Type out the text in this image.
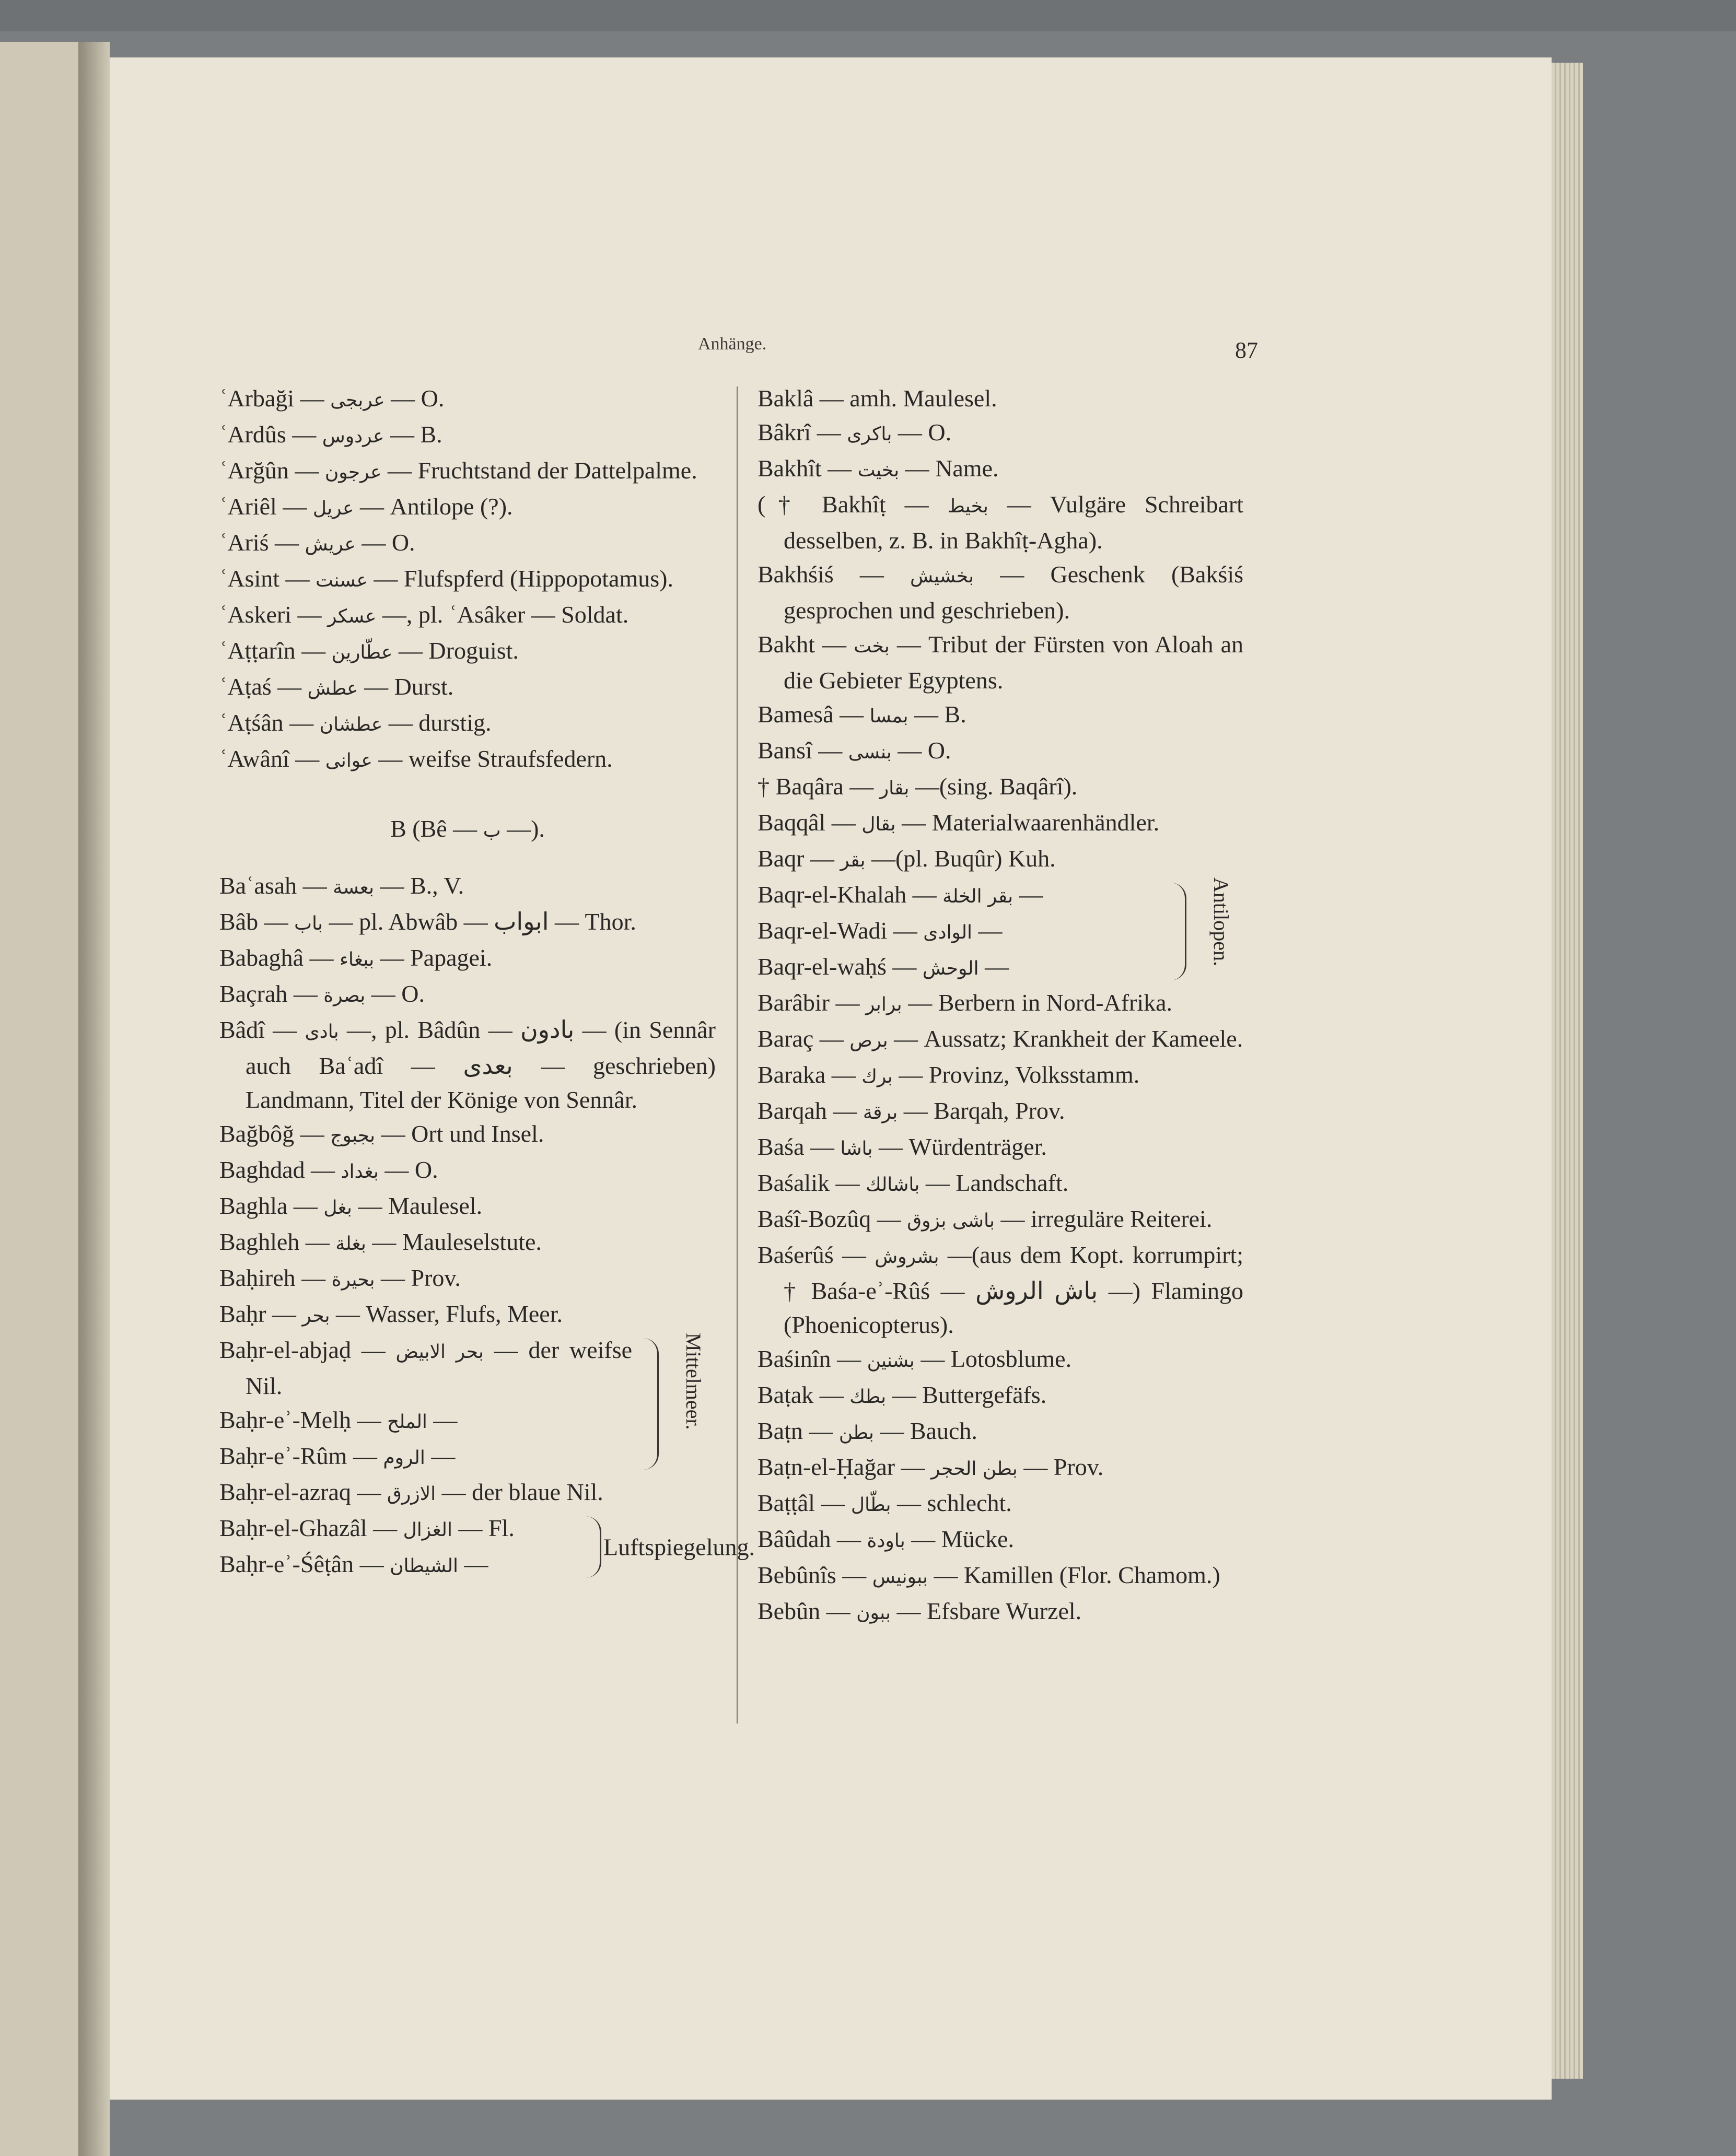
Anhänge.	87
ʿArbaği — عربجى — O.
ʿArdûs — عردوس — B.
ʿArğûn — عرجون — Fruchtstand der Dattelpalme.
ʿAriêl — عريل — Antilope (?).
ʿAriś — عريش — O.
ʿAsint — عسنت — Flufspferd (Hippopotamus).
ʿAskeri — عسكر —, pl. ʿAsâker — Soldat.
ʿAṭṭarîn — عطّارين — Droguist.
ʿAṭaś — عطش — Durst.
ʿAṭśân — عطشان — durstig.
ʿAwânî — عوانى — weifse Straufsfedern.
B (Bê — ب —).
Baʿasah — بعسة — B., V.
Bâb — باب — pl. Abwâb — ابواب — Thor.
Babaghâ — ببغاء — Papagei.
Baçrah — بصرة — O.
Bâdî — بادى —, pl. Bâdûn — بادون — (in Sennâr auch Baʿadî — بعدى — geschrieben) Landmann, Titel der Könige von Sennâr.
Bağbôğ — بجبوج — Ort und Insel.
Baghdad — بغداد — O.
Baghla — بغل — Maulesel.
Baghleh — بغلة — Mauleselstute.
Baḥireh — بحيرة — Prov.
Baḥr — بحر — Wasser, Flufs, Meer.
Baḥr-el-abjaḍ — بحر الابيض — der weifse Nil.
Baḥr-eʾ-Melḥ — الملح —
Baḥr-eʾ-Rûm — الروم —
Mittelmeer.
Baḥr-el-azraq — الازرق — der blaue Nil.
Baḥr-el-Ghazâl — الغزال — Fl.
Baḥr-eʾ-Śêṭân — الشيطان —
Luftspiegelung.
Baklâ — amh. Maulesel.
Bâkrî — باكرى — O.
Bakhît — بخيت — Name.
(† Bakhîṭ — بخيط — Vulgäre Schreibart desselben, z. B. in Bakhîṭ-Agha).
Bakhśiś — بخشيش — Geschenk (Bakśiś gesprochen und geschrieben).
Bakht — بخت — Tribut der Fürsten von Aloah an die Gebieter Egyptens.
Bamesâ — بمسا — B.
Bansî — بنسى — O.
† Baqâra — بقار —(sing. Baqârî).
Baqqâl — بقال — Materialwaarenhändler.
Baqr — بقر —(pl. Buqûr) Kuh.
Baqr-el-Khalah — بقر الخلة —
Baqr-el-Wadi — الوادى —
Baqr-el-waḥś — الوحش —
Antilopen.
Barâbir — برابر — Berbern in Nord-Afrika.
Baraç — برص — Aussatz; Krankheit der Kameele.
Baraka — برك — Provinz, Volksstamm.
Barqah — برقة — Barqah, Prov.
Baśa — باشا — Würdenträger.
Baśalik — باشالك — Landschaft.
Baśî-Bozûq — باشى بزوق — irreguläre Reiterei.
Baśerûś — بشروش —(aus dem Kopt. korrumpirt; † Baśa-eʾ-Rûś — باش الروش —) Flamingo (Phoenicopterus).
Baśinîn — بشنين — Lotosblume.
Baṭak — بطك — Buttergefäfs.
Baṭn — بطن — Bauch.
Baṭn-el-Ḥağar — بطن الحجر — Prov.
Baṭṭâl — بطّال — schlecht.
Bâûdah — باودة — Mücke.
Bebûnîs — ببونيس — Kamillen (Flor. Chamom.)
Bebûn — ببون — Efsbare Wurzel.
